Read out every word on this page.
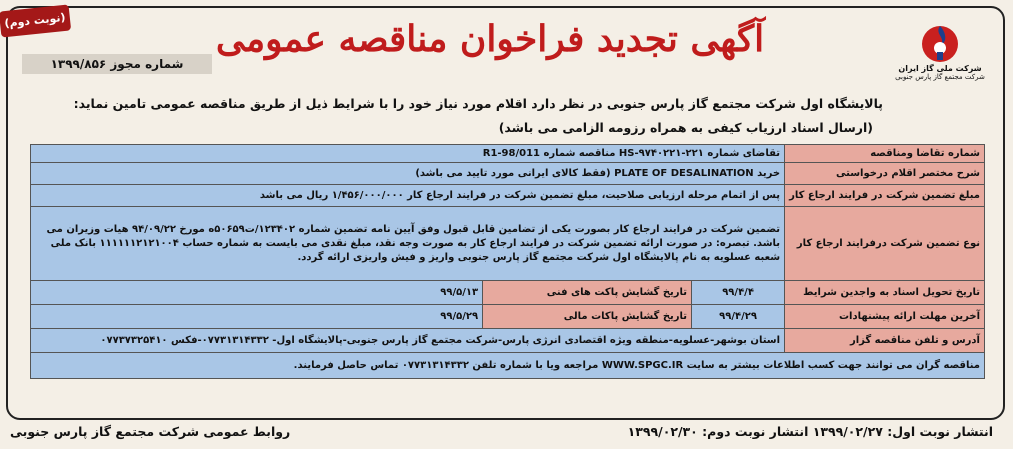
شرکت ملی گاز ایران
شرکت مجتمع گاز پارس جنوبی
آگهی تجدید فراخوان مناقصه عمومی
(نوبت دوم)
شماره مجوز ۱۳۹۹/۸۵۶
پالایشگاه اول شرکت مجتمع گاز پارس جنوبی در نظر دارد اقلام مورد نیاز خود را با شرایط ذیل از طریق مناقصه عمومی تامین نماید:
(ارسال اسناد ارزیاب کیفی به همراه رزومه الزامی می باشد)
شماره تقاضا ومناقصه	تقاضای شماره HS-۹۷۴۰۲۲۱-۲۲۱ مناقصه شماره R1-98/011		
شرح مختصر اقلام درخواستی	خرید PLATE OF DESALINATION (فقط کالای ایرانی مورد تایید می باشد)		
مبلغ تضمین شرکت در فرایند ارجاع کار	پس از اتمام مرحله ارزیابی صلاحیت، مبلغ تضمین شرکت در فرایند ارجاع کار ۱/۴۵۶/۰۰۰/۰۰۰ ریال می باشد		
نوع تضمین شرکت درفرایند ارجاع کار	تضمین شرکت در فرایند ارجاع کار بصورت یکی از تضامین قابل قبول وفق آیین نامه تضمین شماره ۱۲۳۴۰۲/ت۵۰۶۵۹ه مورخ ۹۴/۰۹/۲۲ هیات وزیران می باشد. تبصره: در صورت ارائه تضمین شرکت در فرایند ارجاع کار به صورت وجه نقد، مبلغ نقدی می بایست به شماره حساب ۱۱۱۱۱۱۲۱۲۱۰۰۴ بانک ملی شعبه عسلویه به نام پالایشگاه اول شرکت مجتمع گاز پارس جنوبی واریز و فیش واریزی ارائه گردد.		
تاریخ تحویل اسناد به واجدین شرایط	۹۹/۴/۴	تاریخ گشایش پاکت های فنی	۹۹/۵/۱۳
آخرین مهلت ارائه پیشنهادات	۹۹/۴/۲۹	تاریخ گشایش پاکات مالی	۹۹/۵/۲۹
آدرس و تلفن مناقصه گزار	استان بوشهر-عسلویه-منطقه ویژه اقتصادی انرژی پارس-شرکت مجتمع گاز پارس جنوبی-پالایشگاه اول- ۰۷۷۳۱۳۱۴۳۳۲-فکس ۰۷۷۳۷۳۲۵۴۱۰		
مناقصه گران می توانند جهت کسب اطلاعات بیشتر به سایت WWW.SPGC.IR مراجعه ویا با شماره تلفن ۰۷۷۳۱۳۱۴۳۳۲ تماس حاصل فرمایند.			
انتشار نوبت اول: ۱۳۹۹/۰۲/۲۷ انتشار نوبت دوم: ۱۳۹۹/۰۲/۳۰
روابط عمومی شرکت مجتمع گاز پارس جنوبی
